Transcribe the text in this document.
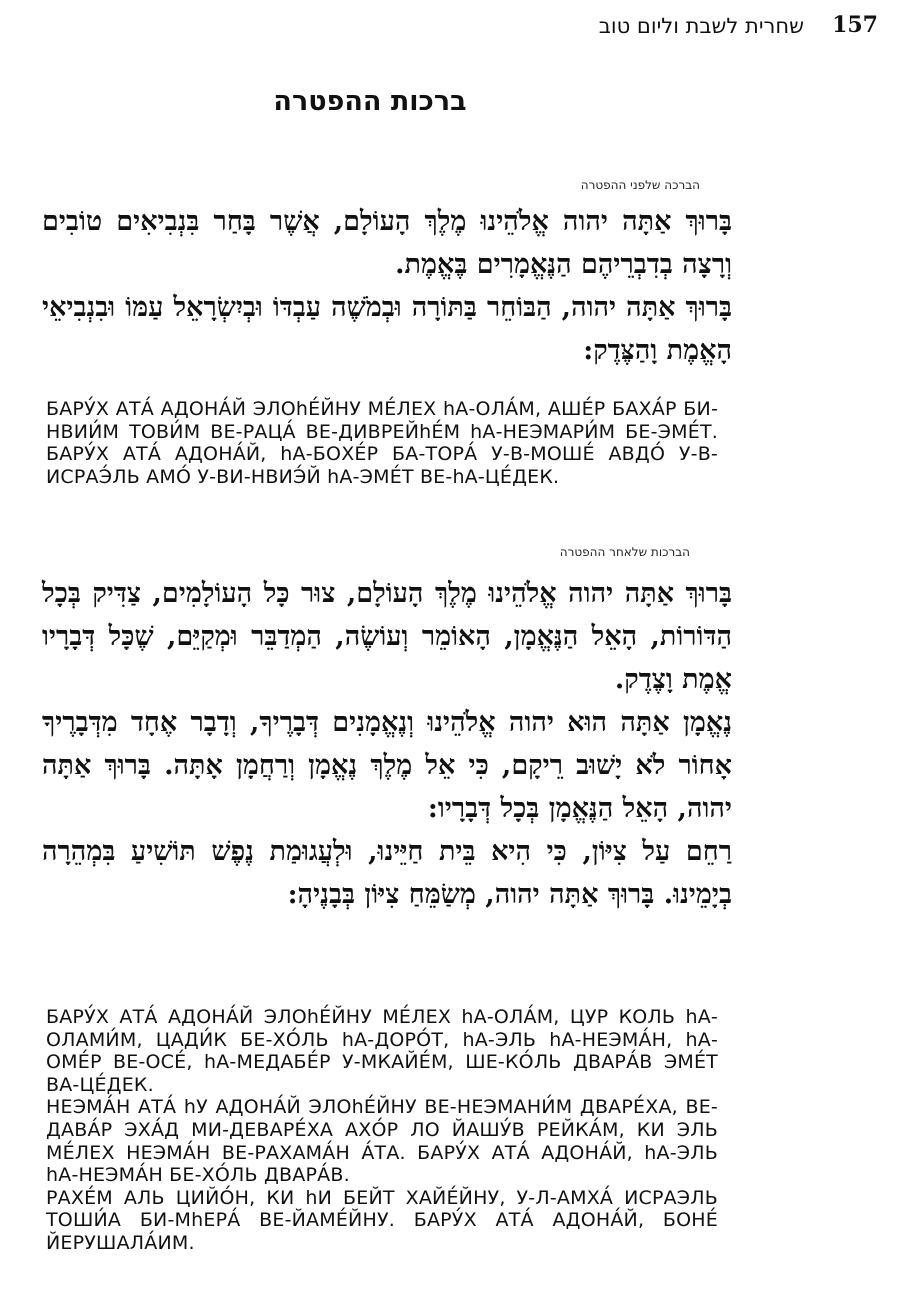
157
שחרית לשבת וליום טוב
ברכות ההפטרה
הברכה שלפני ההפטרה

בָּרוּךְ אַתָּה יהוה אֱלֹהֵינוּ מֶלֶךְ הָעוֹלָם, אֲשֶׁר בָּחַר בִּנְבִיאִים טוֹבִים וְרָצָה בְדִבְרֵיהֶם הַנֶּאֱמָרִים בֶּאֱמֶת.

בָּרוּךְ אַתָּה יהוה, הַבּוֹחֵר בַּתּוֹרָה וּבְמֹשֶׁה עַבְדּוֹ וּבְיִשְׂרָאֵל עַמּוֹ וּבִנְבִיאֵי הָאֱמֶת וָהַצֶּדֶק:

БАРУ́Х АТА́ АДОНА́Й ЭЛОhЕ́ЙНУ МЕ́ЛЕХ hА-ОЛА́М, АШЕ́Р БАХА́Р БИ-НВИИ́М ТОВИ́М ВЕ-РАЦА́ ВЕ-ДИВРЕЙhЕ́М hА-НЕЭМАРИ́М БЕ-ЭМЕ́Т. БАРУ́Х АТА́ АДОНА́Й, hА-БОХЕ́Р БА-ТОРА́ У-В-МОШЕ́ АВДО́ У-В-ИСРАЭ́ЛЬ АМО́ У-ВИ-НВИЭ́Й hА-ЭМЕ́Т ВЕ-hА-ЦЕ́ДЕК.

הברכות שלאחר ההפטרה

בָּרוּךְ אַתָּה יהוה אֱלֹהֵינוּ מֶלֶךְ הָעוֹלָם, צוּר כָּל הָעוֹלָמִים, צַדִּיק בְּכָל הַדּוֹרוֹת, הָאֵל הַנֶּאֱמָן, הָאוֹמֵר וְעוֹשֶׂה, הַמְדַבֵּר וּמְקַיֵּם, שֶׁכָּל דְּבָרָיו אֱמֶת וָצֶדֶק.

נֶאֱמָן אַתָּה הוּא יהוה אֱלֹהֵינוּ וְנֶאֱמָנִים דְּבָרֶיךָ, וְדָבָר אֶחָד מִדְּבָרֶיךָ אָחוֹר לֹא יָשׁוּב רֵיקָם, כִּי אֵל מֶלֶךְ נֶאֱמָן וְרַחֲמָן אָתָּה. בָּרוּךְ אַתָּה יהוה, הָאֵל הַנֶּאֱמָן בְּכָל דְּבָרָיו:

רַחֵם עַל צִיּוֹן, כִּי הִיא בֵּית חַיֵּינוּ, וּלְעֲגוּמַת נֶפֶשׁ תּוֹשִׁיעַ בִּמְהֵרָה בְיָמֵינוּ. בָּרוּךְ אַתָּה יהוה, מְשַׂמֵּחַ צִיּוֹן בְּבָנֶיהָ:

БАРУ́Х АТА́ АДОНА́Й ЭЛОhЕ́ЙНУ МЕ́ЛЕХ hА-ОЛА́М, ЦУР КОЛЬ hА-ОЛАМИ́М, ЦАДИ́К БЕ-ХО́ЛЬ hА-ДОРО́Т, hА-ЭЛЬ hА-НЕЭМА́Н, hА-ОМЕ́Р ВЕ-ОСЕ́, hА-МЕДАБЕ́Р У-МКАЙЕ́М, ШЕ-КО́ЛЬ ДВАРА́В ЭМЕ́Т ВА-ЦЕ́ДЕК.

НЕЭМА́Н АТА́ hУ АДОНА́Й ЭЛОhЕ́ЙНУ ВЕ-НЕЭМАНИ́М ДВАРЕ́ХА, ВЕ-ДАВА́Р ЭХА́Д МИ-ДЕВАРЕ́ХА АХО́Р ЛО ЙАШУ́В РЕЙКА́М, КИ ЭЛЬ МЕ́ЛЕХ НЕЭМА́Н ВЕ-РАХАМА́Н А́ТА. БАРУ́Х АТА́ АДОНА́Й, hА-ЭЛЬ hА-НЕЭМА́Н БЕ-ХО́ЛЬ ДВАРА́В.

РАХЕ́М АЛЬ ЦИЙО́Н, КИ hИ БЕЙТ ХАЙЕ́ЙНУ, У-Л-АМХА́ ИСРАЭЛЬ ТОШИ́А БИ-МhЕРА́ ВЕ-ЙАМЕ́ЙНУ. БАРУ́Х АТА́ АДОНА́Й, БОНЕ́ ЙЕРУШАЛА́ИМ.
